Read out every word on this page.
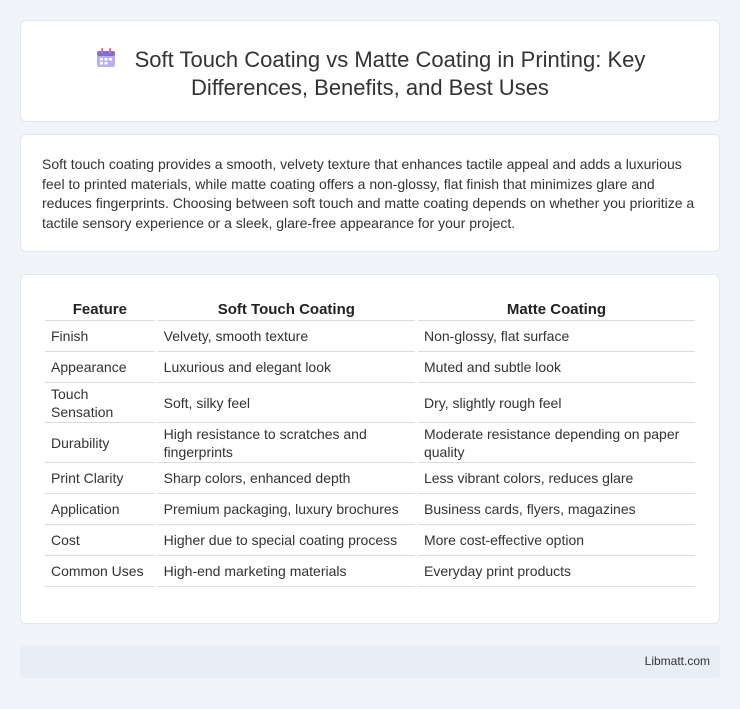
Soft Touch Coating vs Matte Coating in Printing: Key Differences, Benefits, and Best Uses

Soft touch coating provides a smooth, velvety texture that enhances tactile appeal and adds a luxurious feel to printed materials, while matte coating offers a non-glossy, flat finish that minimizes glare and reduces fingerprints. Choosing between soft touch and matte coating depends on whether you prioritize a tactile sensory experience or a sleek, glare-free appearance for your project.

Feature	Soft Touch Coating	Matte Coating
Finish	Velvety, smooth texture	Non-glossy, flat surface
Appearance	Luxurious and elegant look	Muted and subtle look
Touch Sensation	Soft, silky feel	Dry, slightly rough feel
Durability	High resistance to scratches and fingerprints	Moderate resistance depending on paper quality
Print Clarity	Sharp colors, enhanced depth	Less vibrant colors, reduces glare
Application	Premium packaging, luxury brochures	Business cards, flyers, magazines
Cost	Higher due to special coating process	More cost-effective option
Common Uses	High-end marketing materials	Everyday print products
Libmatt.com
